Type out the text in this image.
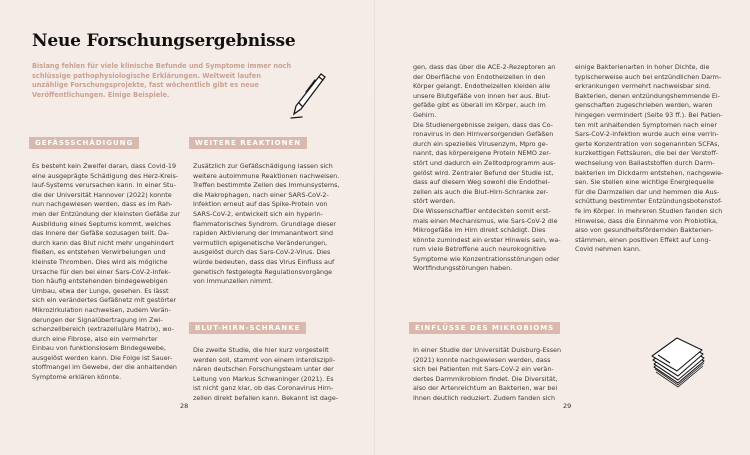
Neue Forschungsergebnisse

Bislang fehlen für viele klinische Befunde und Symptome immer noch schlüssige pathophysiologische Erklärungen. Weltweit laufen unzählige Forschungsprojekte, fast wöchentlich gibt es neue Veröffentlichungen. Einige Beispiele.

GEFÄSSSCHÄDIGUNG

Es besteht kein Zweifel daran, dass Covid-19
eine ausgeprägte Schädigung des Herz-Kreis-
lauf-Systems verursachen kann. In einer Stu-
die der Universität Hannover (2022) konnte
nun nachgewiesen werden, dass es im Rah-
men der Entzündung der kleinsten Gefäße zur
Ausbildung eines Septums kommt, welches
das Innere der Gefäße sozusagen teilt. Da-
durch kann das Blut nicht mehr ungehindert
fließen, es entstehen Verwirbelungen und
kleinste Thromben. Dies wird als mögliche
Ursache für den bei einer Sars-CoV-2-Infek-
tion häufig entstehenden bindegewebigen
Umbau, etwa der Lunge, gesehen. Es lässt
sich ein verändertes Gefäßnetz mit gestörter
Mikrozirkulation nachweisen, zudem Verän-
derungen der Signalübertragung im Zwi-
schenzellbereich (extrazelluläre Matrix), wo-
durch eine Fibrose, also ein vermehrter
Einbau von funktionslosem Bindegewebe,
ausgelöst werden kann. Die Folge ist Sauer-
stoffmangel im Gewebe, der die anhaltenden
Symptome erklären könnte.

WEITERE REAKTIONEN

Zusätzlich zur Gefäßschädigung lassen sich
weitere autoimmune Reaktionen nachweisen.
Treffen bestimmte Zellen des Immunsystems,
die Makrophagen, nach einer SARS-CoV-2-
Infektion erneut auf das Spike-Protein von
SARS-CoV-2, entwickelt sich ein hyperin-
flammatorisches Syndrom. Grundlage dieser
rapiden Aktivierung der Immanantwort sind
vermutlich epigenetische Veränderungen,
ausgelöst durch das Sars-CoV-2-Virus. Dies
würde bedeuten, dass das Virus Einfluss auf
genetisch festgelegte Regulationsvorgänge
von Immunzellen nimmt.

BLUT-HIRN-SCHRANKE

Die zweite Studie, die hier kurz vorgestellt
werden soll, stammt von einem interdiszipli-
nären deutschen Forschungsteam unter der
Leitung von Markus Schwaninger (2021). Es
ist nicht ganz klar, ob das Coronavirus Hirn-
zellen direkt befallen kann. Bekannt ist dage-

28

gen, dass das über die ACE-2-Rezeptoren an
der Oberfläche von Endothelzellen in den
Körper gelangt. Endothelzellen kleiden alle
unsere Blutgefäße von innen her aus. Blut-
gefäße gibt es überall im Körper, auch im
Gehirn.
Die Studienergebnisse zeigen, dass das Co-
ronavirus in den Hirnversorgenden Gefäßen
durch ein spezielles Virusenzym, Mpro ge-
nannt, das körpereigene Protein NEMO zer-
stört und dadurch ein Zelltodprogramm aus-
gelöst wird. Zentraler Befund der Studie ist,
dass auf diesem Weg sowohl die Endothel-
zellen als auch die Blut-Hirn-Schranke zer-
stört werden.
Die Wissenschaftler entdeckten somit erst-
mals einen Mechanismus, wie Sars-CoV-2 die
Mikrogefäße im Hirn direkt schädigt. Dies
könnte zumindest ein erster Hinweis sein, wa-
rum viele Betroffene auch neurokognitive
Symptome wie Konzentrationsstörungen oder
Wortfindungsstörungen haben.

einige Bakterienarten in hoher Dichte, die
typischerweise auch bei entzündlichen Darm-
erkrankungen vermehrt nachweisbar sind.
Bakterien, denen entzündungshemmende Ei-
genschaften zugeschrieben werden, waren
hingegen vermindert (Seite 93 ff.). Bei Patien-
ten mit anhaltenden Symptomen nach einer
Sars-CoV-2-Infektion wurde auch eine verrin-
gerte Konzentration von sogenannten SCFAs,
kurzkettigen Fettsäuren, die bei der Verstoff-
wechselung von Ballaststoffen durch Darm-
bakterien im Dickdarm entstehen, nachgewie-
sen. Sie stellen eine wichtige Energiequelle
für die Darmzellen dar und hemmen die Aus-
schüttung bestimmter Entzündungsbotenstof-
fe im Körper. In mehreren Studien fanden sich
Hinweise, dass die Einnahme von Probiotika,
also von gesundheitsfördernden Bakterien-
stämmen, einen positiven Effekt auf Long-
Covid nehmen kann.

EINFLÜSSE DES MIKROBIOMS

In einer Studie der Universität Duisburg-Essen
(2021) konnte nachgewiesen werden, dass
sich bei Patienten mit Sars-CoV-2 ein verän-
dertes Darmmikrobiom findet. Die Diversität,
also der Artenreichtum an Bakterien, war bei
ihnen deutlich reduziert. Zudem fanden sich

29
